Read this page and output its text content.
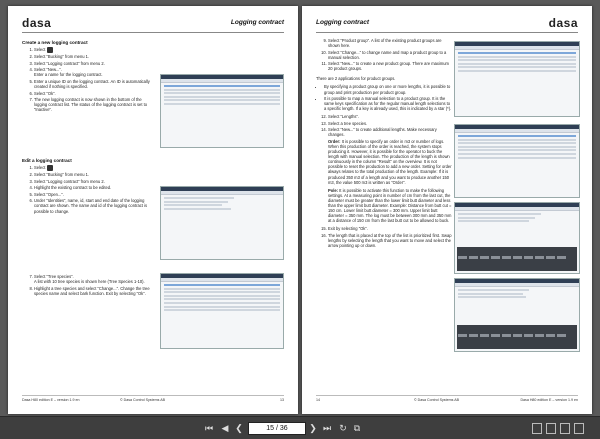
dasa	Logging contract
Create a new logging contract
1. Select
2. Select “Bucking” from menu 1.
3. Select “Logging contract” from menu 2.
4. Select “New...”.
Enter a name for the logging contract.
5. Enter a unique ID on the logging contract. An ID is automatically created if nothing is specified.
6. Select “Ok”.
7. The new logging contract is now shown in the bottom of the logging contract list. The status of the logging contract is set to “Inactive”.
Edit a logging contract
1. Select
2. Select “Bucking” from menu 1.
3. Select “Logging contract” from menu 2.
4. Highlight the existing contract to be edited.
5. Select “Open...”.
6. Under “Identities”, name, id, start and end date of the logging contract are shown. The name and id of the logging contract is possible to change.
7. Select “Tree species”.
A list with 10 tree species is shown here (Tree Species 1-10).
8. Highlight a tree species and select “Change...”. Change the tree species name and select bark function. Exit by selecting “Ok”.
Dasa H80 edition E – version 1.9 en	© Dasa Control Systems AB	13
Logging contract	dasa
9. Select “Product group”. A list of the existing product groups are shown here.
10. Select “Change...” to change name and map a product group to a manual selection.
11. Select “New...” to create a new product group. There are maximum 20 product groups.

There are 2 applications for product groups.

• By specifying a product group on one or more lengths, it is possible to group and print production per product group.
• It is possible to map a manual selection to a product group. It is the same keys specification as for the regular manual length selections to a specific length. If a key is already used, this is indicated by a star (*).
12. Select “Lengths”.
13. Select a tree species.
14. Select “New...” to create additional lengths. Make necessary changes.

Order: It is possible to specify an order in m3 or number of logs. When this production of the order is reached, the system stops producing it. However, it is possible for the operator to buck the length with manual selection. The production of the length is shown continuously in the column “Result” on the overview. It is not possible to reset the production to add a new order. Setting for order always relates to the total production of the length. Example: If it is produced 350 m3 of a length and you want to produce another 150 m3, the value 500 m3 is written as “Order”.

Pole: It is possible to activate this function to make the following settings. At a measuring point in number of cm from the last cut, the diameter must be greater than the lower limit butt diameter and less than the upper limit butt diameter. Example: Distance from butt cut = 150 cm. Lower limit butt diameter = 300 mm. Upper limit butt diameter = 350 mm. The log must be between 300 mm and 350 mm at a distance of 150 cm from the last butt cut to be allowed to buck.

15. Exit by selecting “Ok”.
16. The length that is placed at the top of the list is prioritized first. Swap lengths by selecting the length that you want to move and select the arrow pointing up or down.
14	© Dasa Control Systems AB	Dasa H80 edition E – version 1.9 en
⏮ ◀ ❮	15 / 36	❯ ⏭ ↻ ⧉
